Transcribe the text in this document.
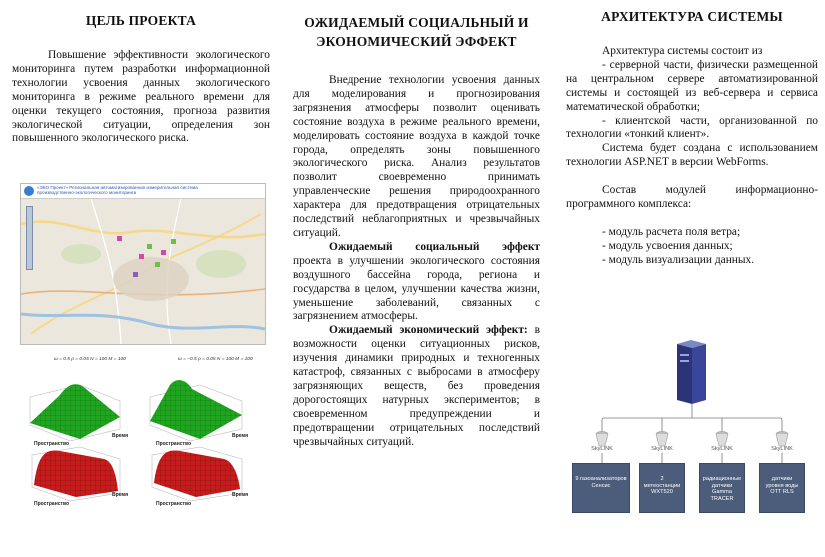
ЦЕЛЬ ПРОЕКТА

Повышение эффективности экологического мониторинга путем разработки информационной технологии усвоения данных экологического мониторинга в режиме реального времени для оценки текущего состояния, прогноза развития экологической ситуации, определения зон повышенного экологического риска.

«ЭКО Проект» Региональная автоматизированная измерительная система производственно-экологического мониторинга
ω = 0.5 ρ = 0.05 N = 100 M = 100	ω = −0.5 ρ = 0.05 N = 100 M = 100
Время
Пространство
Время
Пространство
Время
Пространство
Время
Пространство
ОЖИДАЕМЫЙ СОЦИАЛЬНЫЙ И ЭКОНОМИЧЕСКИЙ ЭФФЕКТ

Внедрение технологии усвоения данных для моделирования и прогнозирования загрязнения атмосферы позволит оценивать состояние воздуха в режиме реального времени, моделировать состояние воздуха в каждой точке города, определять зоны повышенного экологического риска. Анализ результатов позволит своевременно принимать управленческие решения природоохранного характера для предотвращения отрицательных последствий неблагоприятных и чрезвычайных ситуаций.

Ожидаемый социальный эффект проекта в улучшении экологического состояния воздушного бассейна города, региона и государства в целом, улучшении качества жизни, уменьшение заболеваний, связанных с загрязнением атмосферы.

Ожидаемый экономический эффект: в возможности оценки ситуационных рисков, изучения динамики природных и техногенных катастроф, связанных с выбросами в атмосферу загрязняющих веществ, без проведения дорогостоящих натурных экспериментов; в своевременном предупреждении и предотвращении отрицательных последствий чрезвычайных ситуаций.

АРХИТЕКТУРА СИСТЕМЫ

Архитектура системы состоит из

- серверной части, физически размещенной на центральном сервере автоматизированной системы и состоящей из веб-сервера и сервиса математической обработки;

- клиентской части, организованной по технологии «тонкий клиент».

Система будет создана с использованием технологии ASP.NET в версии WebForms.

Состав модулей информационно-программного комплекса:

- модуль расчета поля ветра;

- модуль усвоения данных;

- модуль визуализации данных.

SkyLINK	SkyLINK	SkyLINK	SkyLINK
9 газоанализаторов Сенсис
2 метеостанции WXT520
радиационные датчики Gamma TRACER
датчики уровня воды OTT RLS
